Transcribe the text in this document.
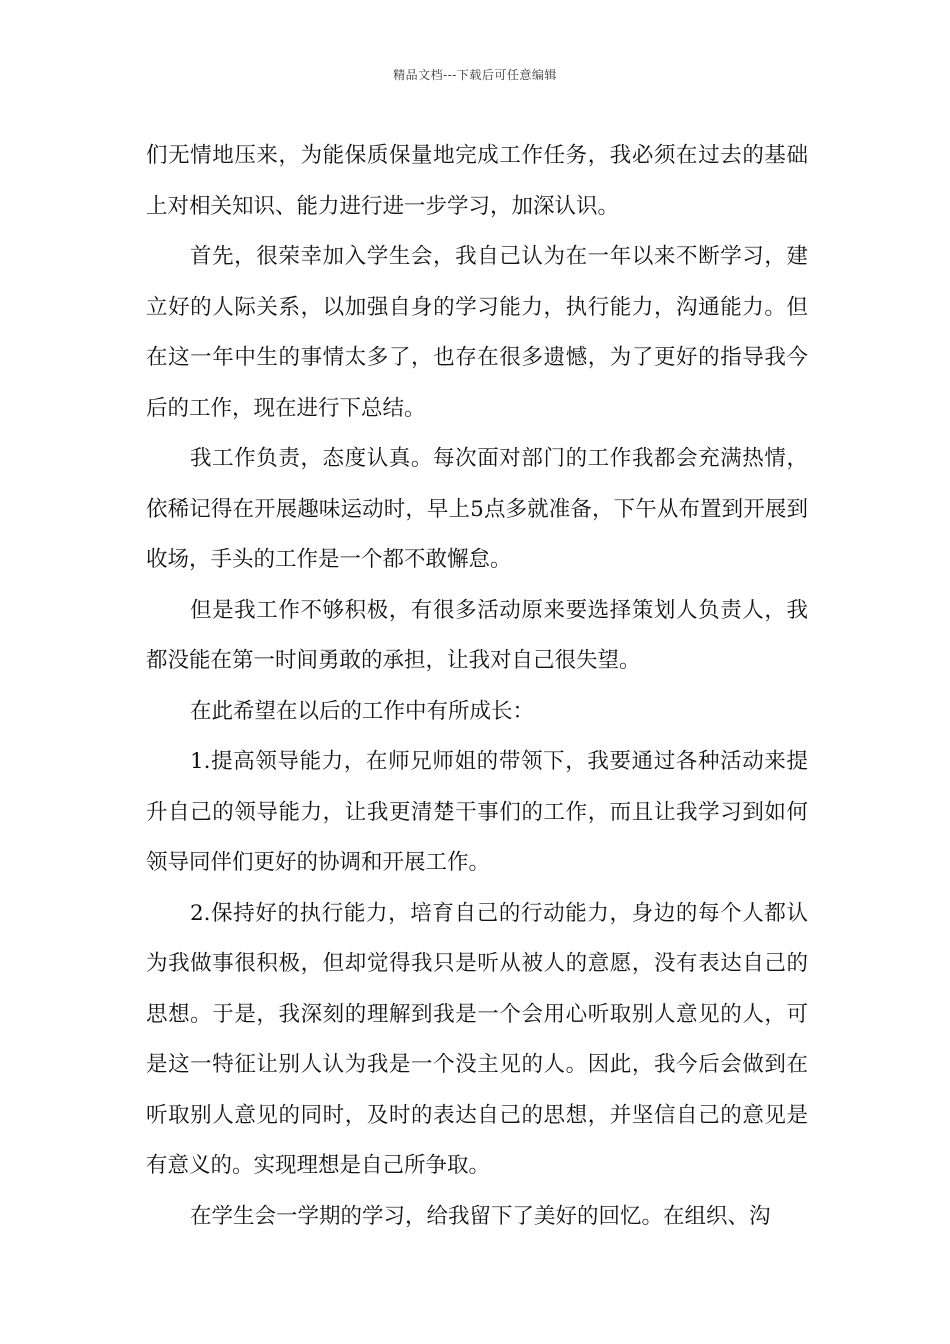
精品文档---下载后可任意编辑

们无情地压来，为能保质保量地完成工作任务，我必须在过去的基础上对相关知识、能力进行进一步学习，加深认识。

首先，很荣幸加入学生会，我自己认为在一年以来不断学习，建立好的人际关系，以加强自身的学习能力，执行能力，沟通能力。但在这一年中生的事情太多了，也存在很多遗憾，为了更好的指导我今后的工作，现在进行下总结。

我工作负责，态度认真。每次面对部门的工作我都会充满热情，依稀记得在开展趣味运动时，早上5点多就准备，下午从布置到开展到收场，手头的工作是一个都不敢懈怠。

但是我工作不够积极，有很多活动原来要选择策划人负责人，我都没能在第一时间勇敢的承担，让我对自己很失望。

在此希望在以后的工作中有所成长：

1.提高领导能力，在师兄师姐的带领下，我要通过各种活动来提升自己的领导能力，让我更清楚干事们的工作，而且让我学习到如何领导同伴们更好的协调和开展工作。

2.保持好的执行能力，培育自己的行动能力，身边的每个人都认为我做事很积极，但却觉得我只是听从被人的意愿，没有表达自己的思想。于是，我深刻的理解到我是一个会用心听取别人意见的人，可是这一特征让别人认为我是一个没主见的人。因此，我今后会做到在听取别人意见的同时，及时的表达自己的思想，并坚信自己的意见是有意义的。实现理想是自己所争取。

在学生会一学期的学习，给我留下了美好的回忆。在组织、沟
